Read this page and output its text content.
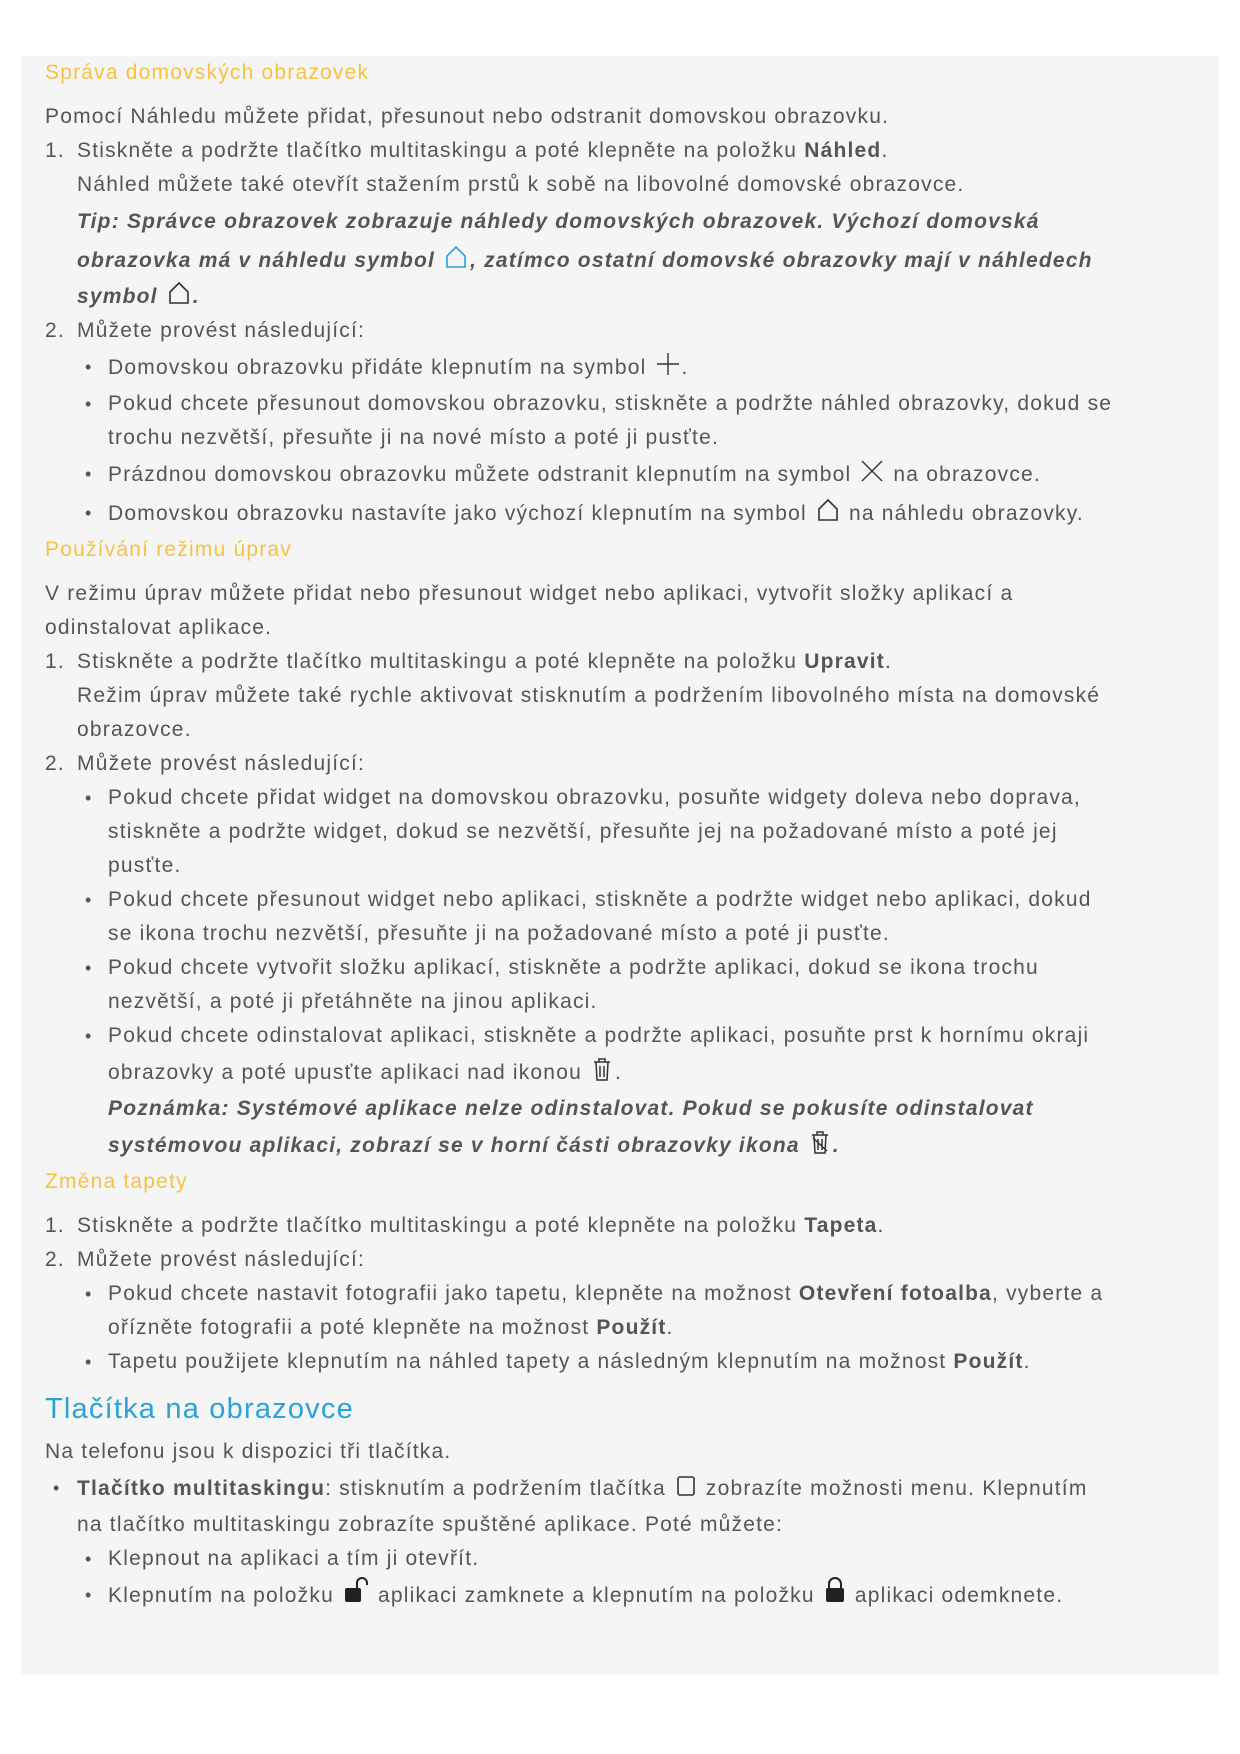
Správa domovských obrazovek
Pomocí Náhledu můžete přidat, přesunout nebo odstranit domovskou obrazovku.
1. Stiskněte a podržte tlačítko multitaskingu a poté klepněte na položku Náhled.
Náhled můžete také otevřít stažením prstů k sobě na libovolné domovské obrazovce.
Tip: Správce obrazovek zobrazuje náhledy domovských obrazovek. Výchozí domovská
obrazovka má v náhledu symbol , zatímco ostatní domovské obrazovky mají v náhledech
symbol .
2. Můžete provést následující:
• Domovskou obrazovku přidáte klepnutím na symbol .
• Pokud chcete přesunout domovskou obrazovku, stiskněte a podržte náhled obrazovky, dokud se
trochu nezvětší, přesuňte ji na nové místo a poté ji pusťte.
• Prázdnou domovskou obrazovku můžete odstranit klepnutím na symbol  na obrazovce.
• Domovskou obrazovku nastavíte jako výchozí klepnutím na symbol  na náhledu obrazovky.
Používání režimu úprav
V režimu úprav můžete přidat nebo přesunout widget nebo aplikaci, vytvořit složky aplikací a
odinstalovat aplikace.
1. Stiskněte a podržte tlačítko multitaskingu a poté klepněte na položku Upravit.
Režim úprav můžete také rychle aktivovat stisknutím a podržením libovolného místa na domovské
obrazovce.
2. Můžete provést následující:
• Pokud chcete přidat widget na domovskou obrazovku, posuňte widgety doleva nebo doprava,
stiskněte a podržte widget, dokud se nezvětší, přesuňte jej na požadované místo a poté jej
pusťte.
• Pokud chcete přesunout widget nebo aplikaci, stiskněte a podržte widget nebo aplikaci, dokud
se ikona trochu nezvětší, přesuňte ji na požadované místo a poté ji pusťte.
• Pokud chcete vytvořit složku aplikací, stiskněte a podržte aplikaci, dokud se ikona trochu
nezvětší, a poté ji přetáhněte na jinou aplikaci.
• Pokud chcete odinstalovat aplikaci, stiskněte a podržte aplikaci, posuňte prst k hornímu okraji
obrazovky a poté upusťte aplikaci nad ikonou .
Poznámka: Systémové aplikace nelze odinstalovat. Pokud se pokusíte odinstalovat
systémovou aplikaci, zobrazí se v horní části obrazovky ikona .
Změna tapety
1. Stiskněte a podržte tlačítko multitaskingu a poté klepněte na položku Tapeta.
2. Můžete provést následující:
• Pokud chcete nastavit fotografii jako tapetu, klepněte na možnost Otevření fotoalba, vyberte a
ořízněte fotografii a poté klepněte na možnost Použít.
• Tapetu použijete klepnutím na náhled tapety a následným klepnutím na možnost Použít.
Tlačítka na obrazovce
Na telefonu jsou k dispozici tři tlačítka.
• Tlačítko multitaskingu: stisknutím a podržením tlačítka  zobrazíte možnosti menu. Klepnutím
na tlačítko multitaskingu zobrazíte spuštěné aplikace. Poté můžete:
• Klepnout na aplikaci a tím ji otevřít.
• Klepnutím na položku  aplikaci zamknete a klepnutím na položku  aplikaci odemknete.
